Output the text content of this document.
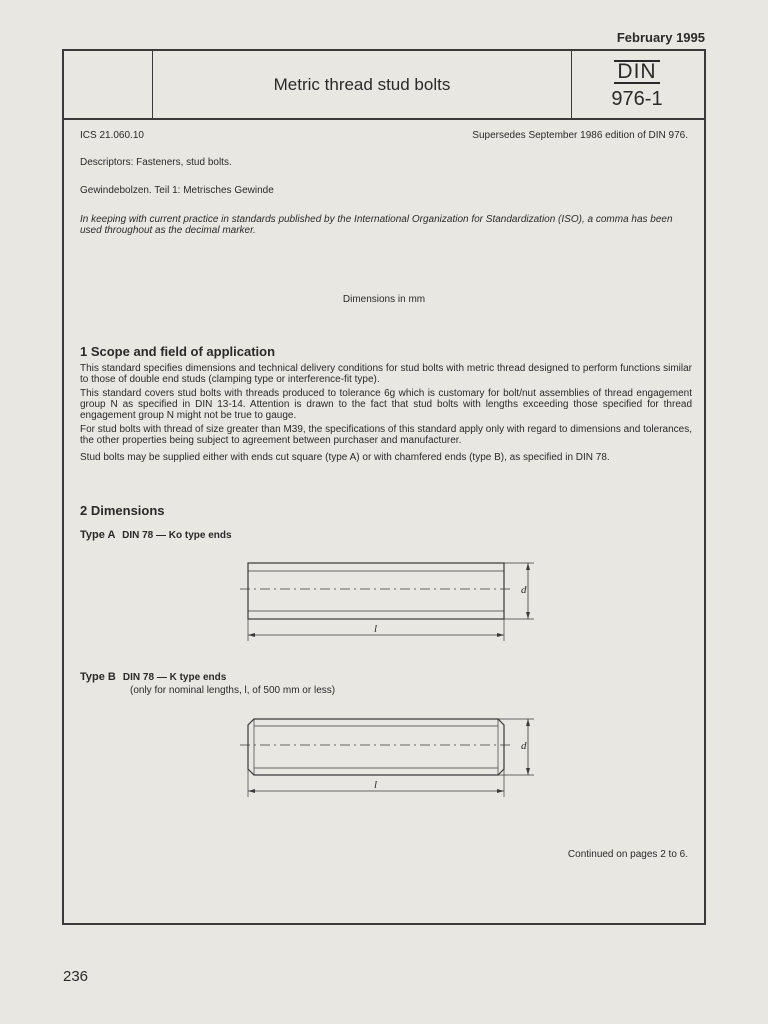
February 1995
Metric thread stud bolts
DIN
976-1
ICS 21.060.10	Supersedes September 1986 edition of DIN 976.
Descriptors: Fasteners, stud bolts.
Gewindebolzen. Teil 1: Metrisches Gewinde
In keeping with current practice in standards published by the International Organization for Standardization (ISO), a comma has been used throughout as the decimal marker.
Dimensions in mm
1 Scope and field of application

This standard specifies dimensions and technical delivery conditions for stud bolts with metric thread designed to perform functions similar to those of double end studs (clamping type or interference-fit type).

This standard covers stud bolts with threads produced to tolerance 6g which is customary for bolt/nut assemblies of thread engagement group N as specified in DIN 13-14. Attention is drawn to the fact that stud bolts with lengths exceeding those specified for thread engagement group N might not be true to gauge.

For stud bolts with thread of size greater than M39, the specifications of this standard apply only with regard to dimensions and tolerances, the other properties being subject to agreement between purchaser and manufacturer.

Stud bolts may be supplied either with ends cut square (type A) or with chamfered ends (type B), as specified in DIN 78.

2 Dimensions
Type A DIN 78 — Ko type ends
d
l
Type B DIN 78 — K type ends
(only for nominal lengths, l, of 500 mm or less)
d
l
Continued on pages 2 to 6.
236
